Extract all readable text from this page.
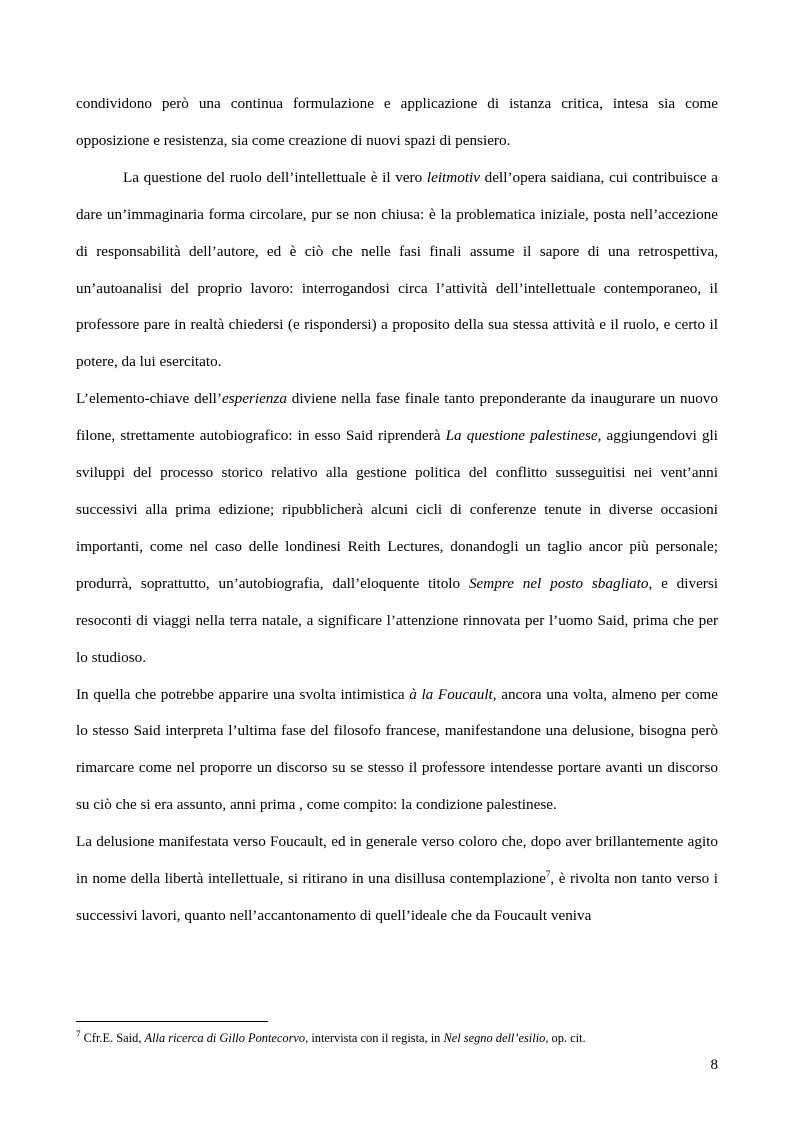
condividono però una continua formulazione e applicazione di istanza critica, intesa sia come opposizione e resistenza, sia come creazione di nuovi spazi di pensiero.

La questione del ruolo dell’intellettuale è il vero leitmotiv dell’opera saidiana, cui contribuisce a dare un’immaginaria forma circolare, pur se non chiusa: è la problematica iniziale, posta nell’accezione di responsabilità dell’autore, ed è ciò che nelle fasi finali assume il sapore di una retrospettiva, un’autoanalisi del proprio lavoro: interrogandosi circa l’attività dell’intellettuale contemporaneo, il professore pare in realtà chiedersi (e rispondersi) a proposito della sua stessa attività e il ruolo, e certo il potere, da lui esercitato.

L’elemento-chiave dell’esperienza diviene nella fase finale tanto preponderante da inaugurare un nuovo filone, strettamente autobiografico: in esso Said riprenderà La questione palestinese, aggiungendovi gli sviluppi del processo storico relativo alla gestione politica del conflitto susseguitisi nei vent’anni successivi alla prima edizione; ripubblicherà alcuni cicli di conferenze tenute in diverse occasioni importanti, come nel caso delle londinesi Reith Lectures, donandogli un taglio ancor più personale; produrrà, soprattutto, un’autobiografia, dall’eloquente titolo Sempre nel posto sbagliato, e diversi resoconti di viaggi nella terra natale, a significare l’attenzione rinnovata per l’uomo Said, prima che per lo studioso.

In quella che potrebbe apparire una svolta intimistica à la Foucault, ancora una volta, almeno per come lo stesso Said interpreta l’ultima fase del filosofo francese, manifestandone una delusione, bisogna però rimarcare come nel proporre un discorso su se stesso il professore intendesse portare avanti un discorso su ciò che si era assunto, anni prima , come compito: la condizione palestinese.

La delusione manifestata verso Foucault, ed in generale verso coloro che, dopo aver brillantemente agito in nome della libertà intellettuale, si ritirano in una disillusa contemplazione$^7$, è rivolta non tanto verso i successivi lavori, quanto nell’accantonamento di quell’ideale che da Foucault veniva

$^7$ Cfr.E. Said, Alla ricerca di Gillo Pontecorvo, intervista con il regista, in Nel segno dell’esilio, op. cit.

8
